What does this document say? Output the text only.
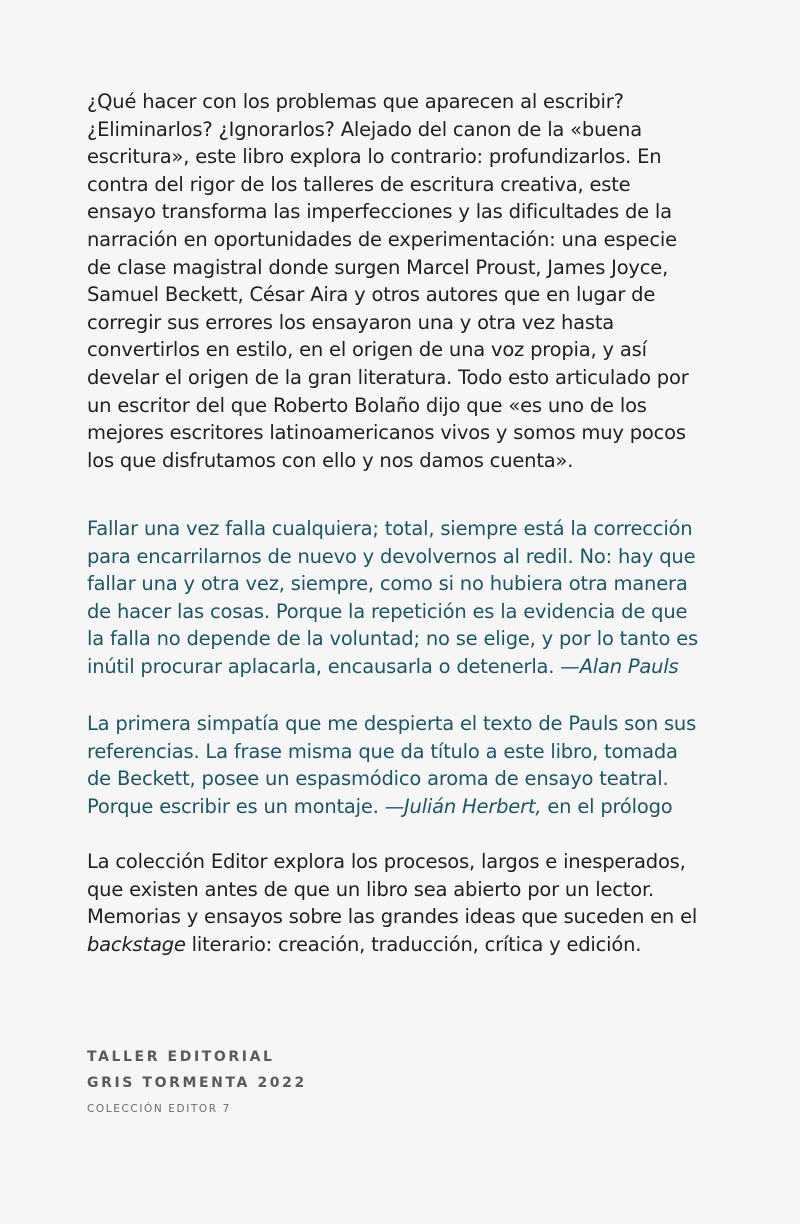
¿Qué hacer con los problemas que aparecen al escribir?
¿Eliminarlos? ¿Ignorarlos? Alejado del canon de la «buena
escritura», este libro explora lo contrario: profundizarlos. En
contra del rigor de los talleres de escritura creativa, este
ensayo transforma las imperfecciones y las dificultades de la
narración en oportunidades de experimentación: una especie
de clase magistral donde surgen Marcel Proust, James Joyce,
Samuel Beckett, César Aira y otros autores que en lugar de
corregir sus errores los ensayaron una y otra vez hasta
convertirlos en estilo, en el origen de una voz propia, y así
develar el origen de la gran literatura. Todo esto articulado por
un escritor del que Roberto Bolaño dijo que «es uno de los
mejores escritores latinoamericanos vivos y somos muy pocos
los que disfrutamos con ello y nos damos cuenta».

Fallar una vez falla cualquiera; total, siempre está la corrección
para encarrilarnos de nuevo y devolvernos al redil. No: hay que
fallar una y otra vez, siempre, como si no hubiera otra manera
de hacer las cosas. Porque la repetición es la evidencia de que
la falla no depende de la voluntad; no se elige, y por lo tanto es
inútil procurar aplacarla, encausarla o detenerla. —Alan Pauls

La primera simpatía que me despierta el texto de Pauls son sus
referencias. La frase misma que da título a este libro, tomada
de Beckett, posee un espasmódico aroma de ensayo teatral.
Porque escribir es un montaje. —Julián Herbert, en el prólogo

La colección Editor explora los procesos, largos e inesperados,
que existen antes de que un libro sea abierto por un lector.
Memorias y ensayos sobre las grandes ideas que suceden en el
backstage literario: creación, traducción, crítica y edición.

TALLER EDITORIAL
GRIS TORMENTA 2022
COLECCIÓN EDITOR 7
